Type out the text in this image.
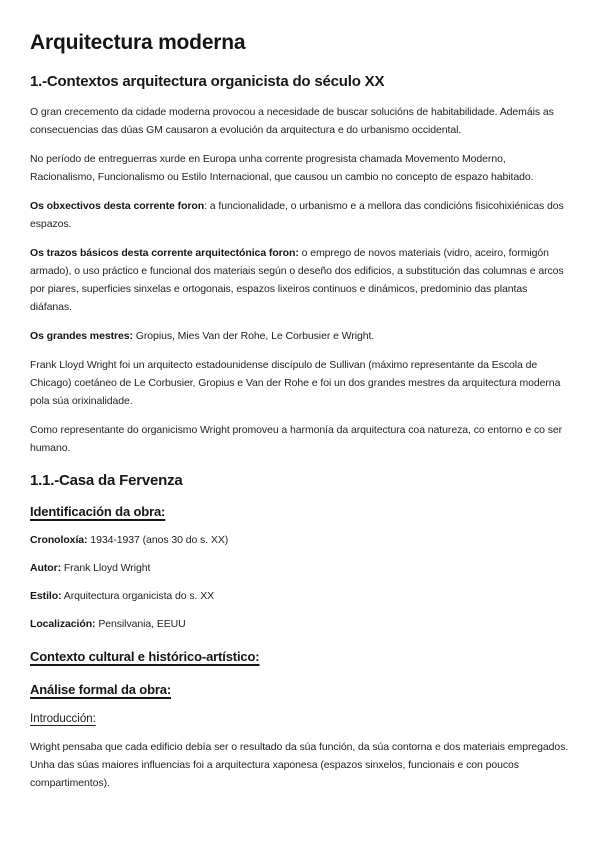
Arquitectura moderna
1.-Contextos arquitectura organicista do século XX

O gran crecemento da cidade moderna provocou a necesidade de buscar solucións de habitabilidade. Ademáis as consecuencias das dúas GM causaron a evolución da arquitectura e do urbanismo occidental.

No período de entreguerras xurde en Europa unha corrente progresista chamada Movemento Moderno, Racionalismo, Funcionalismo ou Estilo Internacional, que causou un cambio no concepto de espazo habitado.

Os obxectivos desta corrente foron: a funcionalidade, o urbanismo e a mellora das condicións fisicohixiénicas dos espazos.

Os trazos básicos desta corrente arquitectónica foron: o emprego de novos materiais (vidro, aceiro, formigón armado), o uso práctico e funcional dos materiais según o deseño dos edificios, a substitución das columnas e arcos por piares, superficies sinxelas e ortogonais, espazos lixeiros continuos e dinámicos, predominio das plantas diáfanas.

Os grandes mestres: Gropius, Mies Van der Rohe, Le Corbusier e Wright.

Frank Lloyd Wright foi un arquitecto estadounidense discípulo de Sullivan (máximo representante da Escola de Chicago) coetáneo de Le Corbusier, Gropius e Van der Rohe e foi un dos grandes mestres da arquitectura moderna pola súa orixinalidade.

Como representante do organicismo Wright promoveu a harmonía da arquitectura coa natureza, co entorno e co ser humano.

1.1.-Casa da Fervenza
Identificación da obra:

Cronoloxía: 1934-1937 (anos 30 do s. XX)

Autor: Frank Lloyd Wright

Estilo: Arquitectura organicista do s. XX

Localización: Pensilvania, EEUU

Contexto cultural e histórico-artístico:
Análise formal da obra:

Introducción:

Wright pensaba que cada edificio debía ser o resultado da súa función, da súa contorna e dos materiais empregados. Unha das súas maiores influencias foi a arquitectura xaponesa (espazos sinxelos, funcionais e con poucos compartimentos).
